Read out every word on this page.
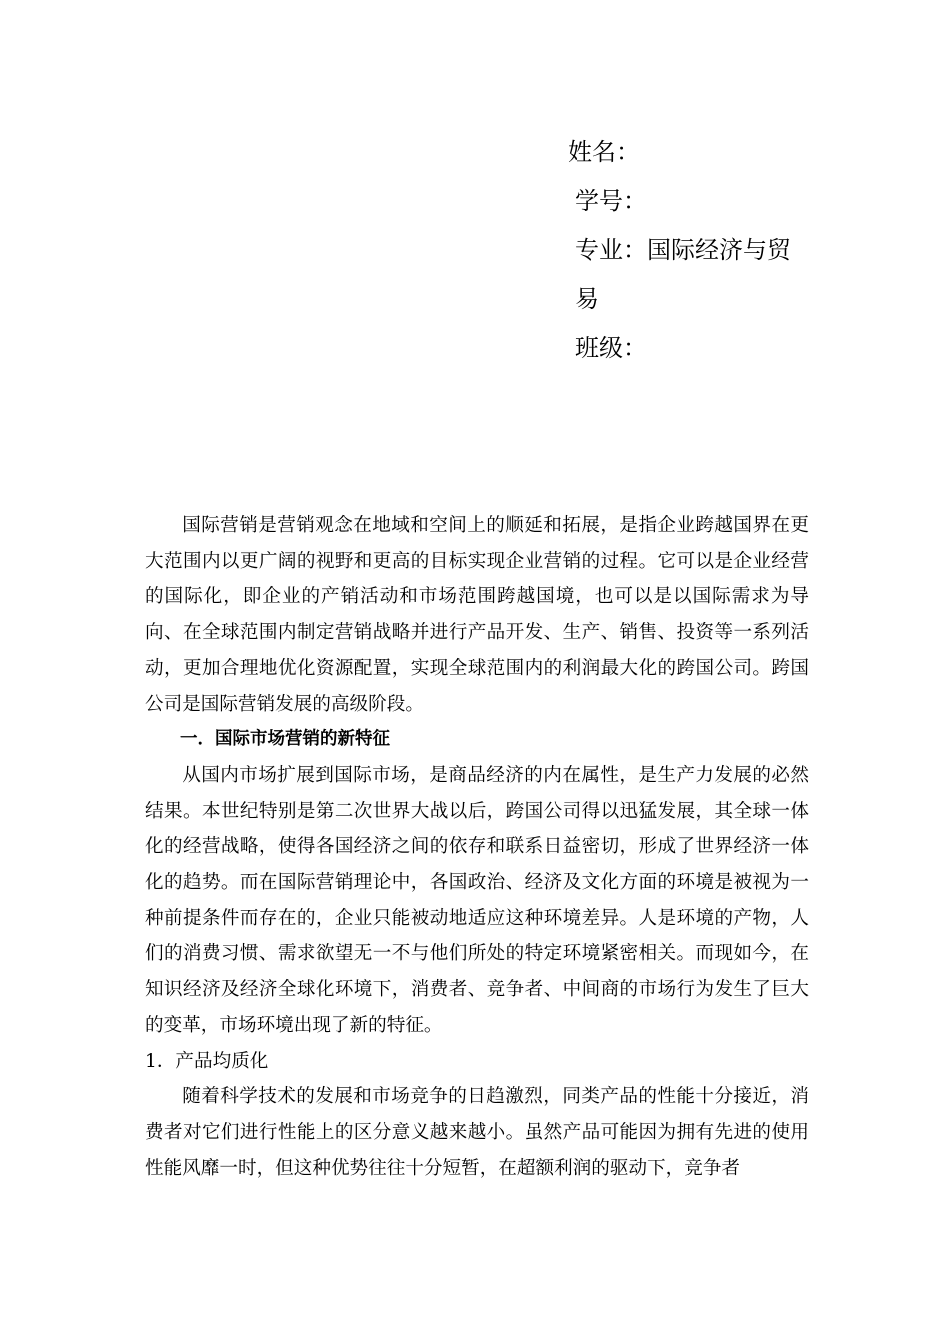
姓名：
学号：
专业：国际经济与贸易
班级：

国际营销是营销观念在地域和空间上的顺延和拓展，是指企业跨越国界在更大范围内以更广阔的视野和更高的目标实现企业营销的过程。它可以是企业经营的国际化，即企业的产销活动和市场范围跨越国境，也可以是以国际需求为导向、在全球范围内制定营销战略并进行产品开发、生产、销售、投资等一系列活动，更加合理地优化资源配置，实现全球范围内的利润最大化的跨国公司。跨国公司是国际营销发展的高级阶段。

一．国际市场营销的新特征

从国内市场扩展到国际市场，是商品经济的内在属性，是生产力发展的必然结果。本世纪特别是第二次世界大战以后，跨国公司得以迅猛发展，其全球一体化的经营战略，使得各国经济之间的依存和联系日益密切，形成了世界经济一体化的趋势。而在国际营销理论中，各国政治、经济及文化方面的环境是被视为一种前提条件而存在的，企业只能被动地适应这种环境差异。人是环境的产物，人们的消费习惯、需求欲望无一不与他们所处的特定环境紧密相关。而现如今，在知识经济及经济全球化环境下，消费者、竞争者、中间商的市场行为发生了巨大的变革，市场环境出现了新的特征。

1．产品均质化

随着科学技术的发展和市场竞争的日趋激烈，同类产品的性能十分接近，消费者对它们进行性能上的区分意义越来越小。虽然产品可能因为拥有先进的使用性能风靡一时，但这种优势往往十分短暂，在超额利润的驱动下，竞争者
